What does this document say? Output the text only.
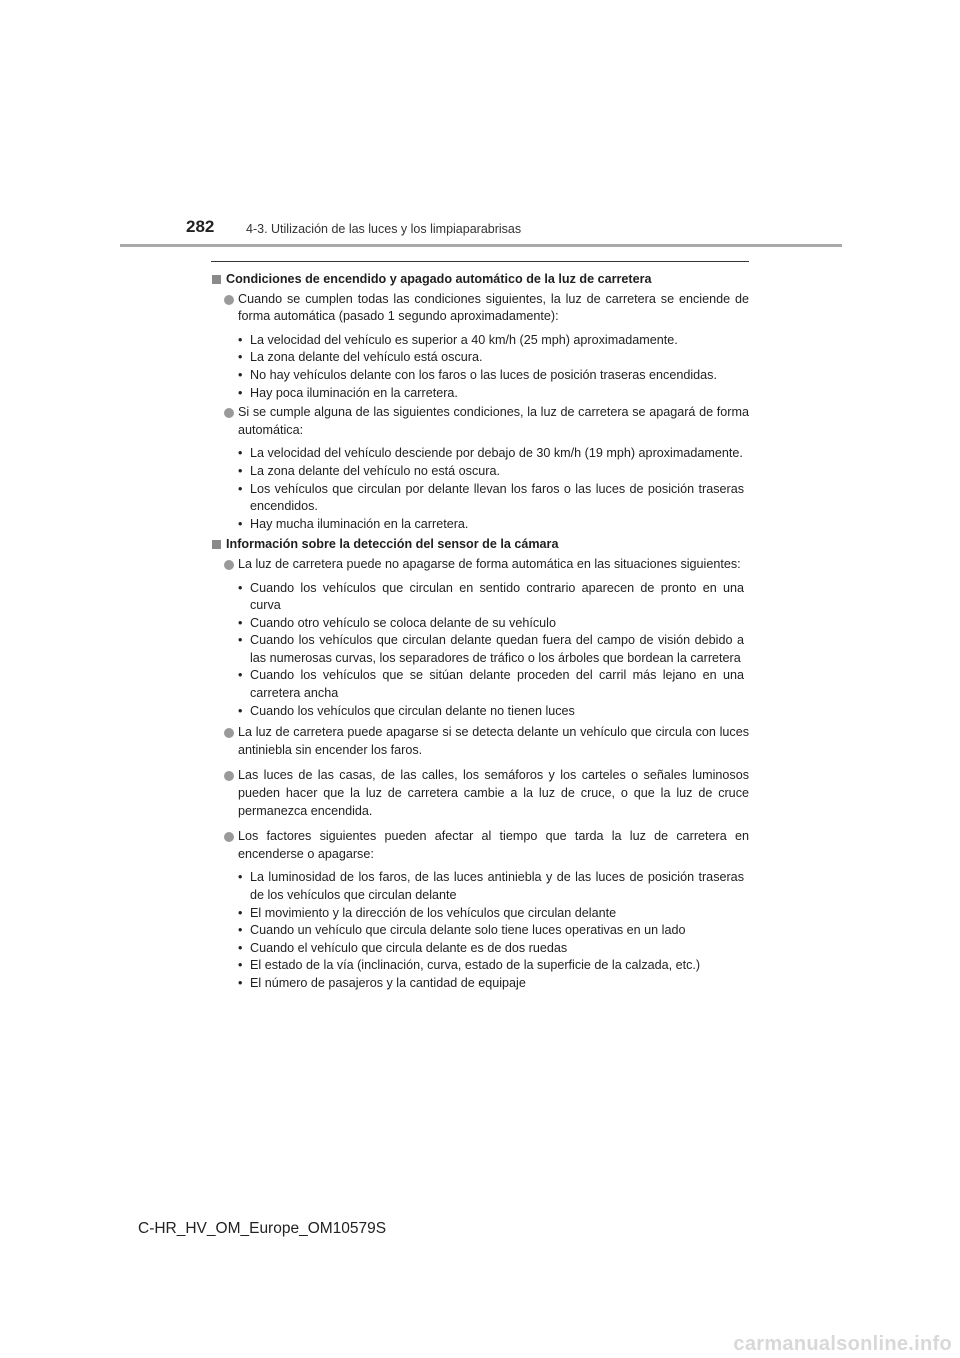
282	4-3. Utilización de las luces y los limpiaparabrisas
Condiciones de encendido y apagado automático de la luz de carretera
Cuando se cumplen todas las condiciones siguientes, la luz de carretera se enciende de forma automática (pasado 1 segundo aproximadamente):
• La velocidad del vehículo es superior a 40 km/h (25 mph) aproximadamente.
• La zona delante del vehículo está oscura.
• No hay vehículos delante con los faros o las luces de posición traseras encendidas.
• Hay poca iluminación en la carretera.
Si se cumple alguna de las siguientes condiciones, la luz de carretera se apagará de forma automática:
• La velocidad del vehículo desciende por debajo de 30 km/h (19 mph) aproximadamente.
• La zona delante del vehículo no está oscura.
• Los vehículos que circulan por delante llevan los faros o las luces de posición traseras encendidos.
• Hay mucha iluminación en la carretera.
Información sobre la detección del sensor de la cámara
La luz de carretera puede no apagarse de forma automática en las situaciones siguientes:
• Cuando los vehículos que circulan en sentido contrario aparecen de pronto en una curva
• Cuando otro vehículo se coloca delante de su vehículo
• Cuando los vehículos que circulan delante quedan fuera del campo de visión debido a las numerosas curvas, los separadores de tráfico o los árboles que bordean la carretera
• Cuando los vehículos que se sitúan delante proceden del carril más lejano en una carretera ancha
• Cuando los vehículos que circulan delante no tienen luces
La luz de carretera puede apagarse si se detecta delante un vehículo que circula con luces antiniebla sin encender los faros.
Las luces de las casas, de las calles, los semáforos y los carteles o señales luminosos pueden hacer que la luz de carretera cambie a la luz de cruce, o que la luz de cruce permanezca encendida.
Los factores siguientes pueden afectar al tiempo que tarda la luz de carretera en encenderse o apagarse:
• La luminosidad de los faros, de las luces antiniebla y de las luces de posición traseras de los vehículos que circulan delante
• El movimiento y la dirección de los vehículos que circulan delante
• Cuando un vehículo que circula delante solo tiene luces operativas en un lado
• Cuando el vehículo que circula delante es de dos ruedas
• El estado de la vía (inclinación, curva, estado de la superficie de la calzada, etc.)
• El número de pasajeros y la cantidad de equipaje
C-HR_HV_OM_Europe_OM10579S
carmanualsonline.info
